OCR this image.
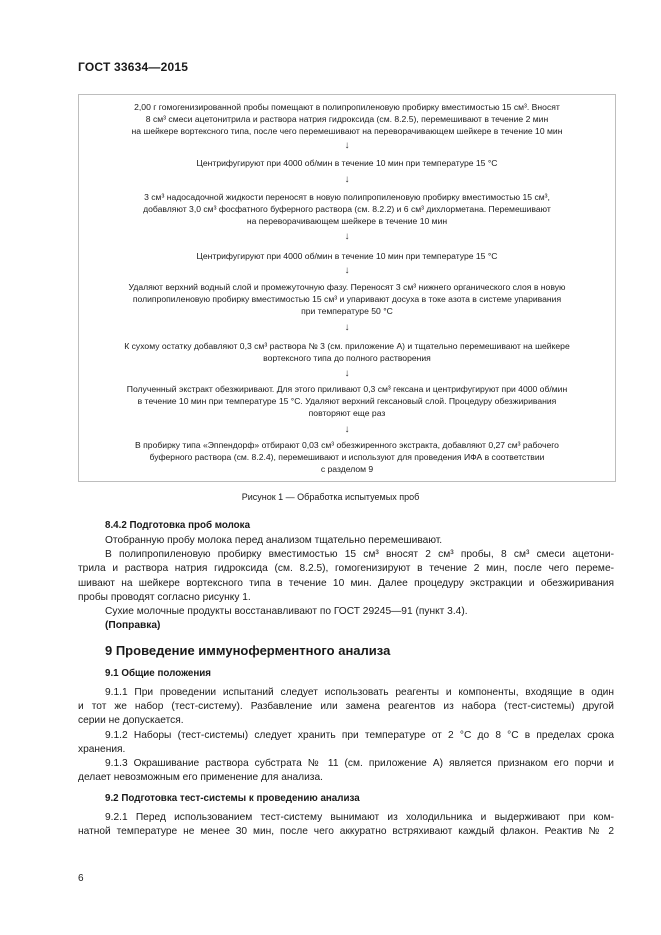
ГОСТ 33634—2015
2,00 г гомогенизированной пробы помещают в полипропиленовую пробирку вместимостью 15 см³. Вносят
8 см³ смеси ацетонитрила и раствора натрия гидроксида (см. 8.2.5), перемешивают в течение 2 мин
на шейкере вортексного типа, после чего перемешивают на переворачивающем шейкере в течение 10 мин
↓
Центрифугируют при 4000 об/мин в течение 10 мин при температуре 15 °С
↓
3 см³ надосадочной жидкости переносят в новую полипропиленовую пробирку вместимостью 15 см³,
добавляют 3,0 см³ фосфатного буферного раствора (см. 8.2.2) и 6 см³ дихлорметана. Перемешивают
на переворачивающем шейкере в течение 10 мин
↓
Центрифугируют при 4000 об/мин в течение 10 мин при температуре 15 °С
↓
Удаляют верхний водный слой и промежуточную фазу. Переносят 3 см³ нижнего органического слоя в новую
полипропиленовую пробирку вместимостью 15 см³ и упаривают досуха в токе азота в системе упаривания
при температуре 50 °С
↓
К сухому остатку добавляют 0,3 см³ раствора № 3 (см. приложение А) и тщательно перемешивают на шейкере
вортексного типа до полного растворения
↓
Полученный экстракт обезжиривают. Для этого приливают 0,3 см³ гексана и центрифугируют при 4000 об/мин
в течение 10 мин при температуре 15 °С. Удаляют верхний гексановый слой. Процедуру обезжиривания
повторяют еще раз
↓
В пробирку типа «Эппендорф» отбирают 0,03 см³ обезжиренного экстракта, добавляют 0,27 см³ рабочего
буферного раствора (см. 8.2.4), перемешивают и используют для проведения ИФА в соответствии
с разделом 9
Рисунок 1 — Обработка испытуемых проб
8.4.2 Подготовка проб молока
Отобранную пробу молока перед анализом тщательно перемешивают.
В полипропиленовую пробирку вместимостью 15 см³ вносят 2 см³ пробы, 8 см³ смеси ацетони-
трила и раствора натрия гидроксида (см. 8.2.5), гомогенизируют в течение 2 мин, после чего переме-
шивают на шейкере вортексного типа в течение 10 мин. Далее процедуру экстракции и обезжиривания
пробы проводят согласно рисунку 1.
Сухие молочные продукты восстанавливают по ГОСТ 29245—91 (пункт 3.4).
(Поправка)
9 Проведение иммуноферментного анализа
9.1 Общие положения
9.1.1 При проведении испытаний следует использовать реагенты и компоненты, входящие в один
и тот же набор (тест-систему). Разбавление или замена реагентов из набора (тест-системы) другой
серии не допускается.
9.1.2 Наборы (тест-системы) следует хранить при температуре от 2 °С до 8 °С в пределах срока
хранения.
9.1.3 Окрашивание раствора субстрата № 11 (см. приложение А) является признаком его порчи и
делает невозможным его применение для анализа.
9.2 Подготовка тест-системы к проведению анализа
9.2.1 Перед использованием тест-систему вынимают из холодильника и выдерживают при ком-
натной температуре не менее 30 мин, после чего аккуратно встряхивают каждый флакон. Реактив № 2
6
